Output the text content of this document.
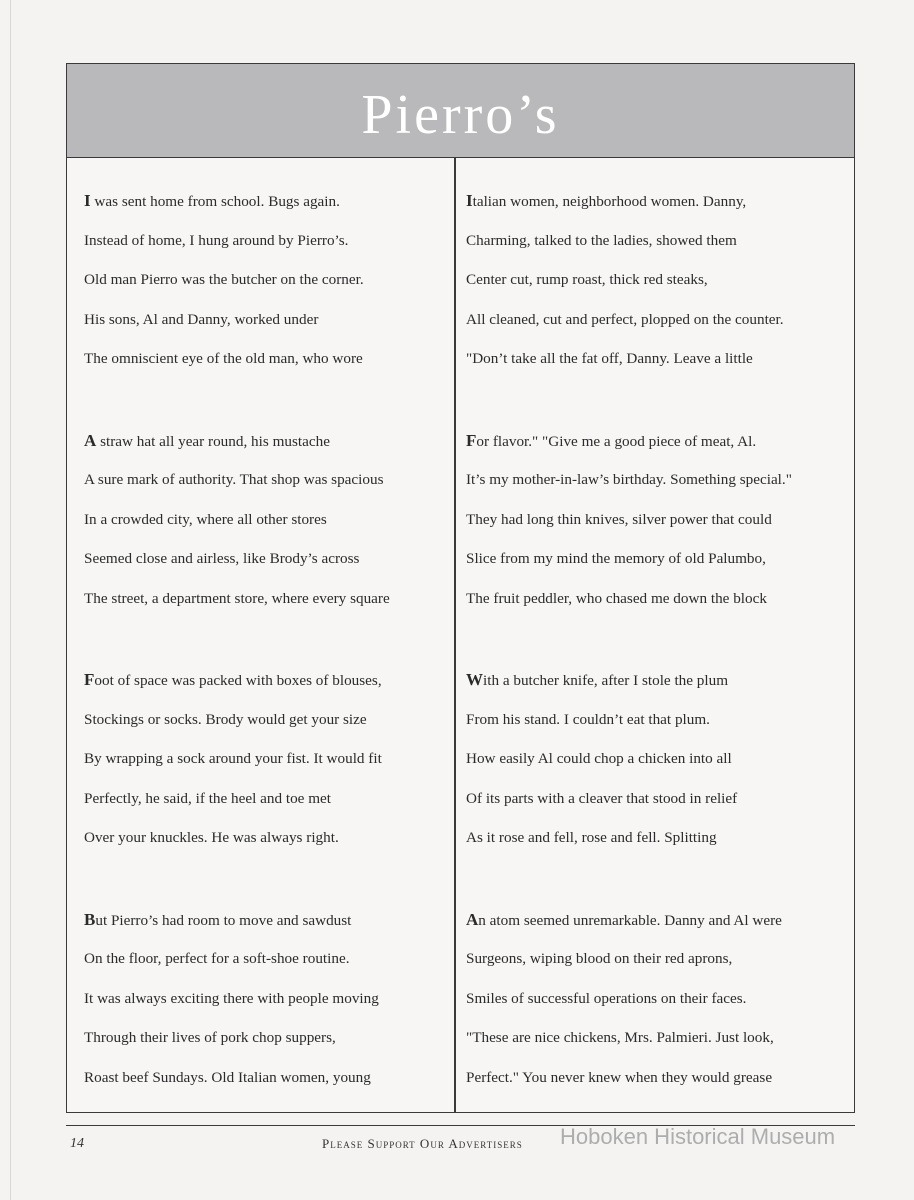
Pierro’s
I was sent home from school. Bugs again.
Instead of home, I hung around by Pierro’s.
Old man Pierro was the butcher on the corner.
His sons, Al and Danny, worked under
The omniscient eye of the old man, who wore
A straw hat all year round, his mustache
A sure mark of authority. That shop was spacious
In a crowded city, where all other stores
Seemed close and airless, like Brody’s across
The street, a department store, where every square
Foot of space was packed with boxes of blouses,
Stockings or socks. Brody would get your size
By wrapping a sock around your fist. It would fit
Perfectly, he said, if the heel and toe met
Over your knuckles. He was always right.
But Pierro’s had room to move and sawdust
On the floor, perfect for a soft-shoe routine.
It was always exciting there with people moving
Through their lives of pork chop suppers,
Roast beef Sundays. Old Italian women, young
Italian women, neighborhood women. Danny,
Charming, talked to the ladies, showed them
Center cut, rump roast, thick red steaks,
All cleaned, cut and perfect, plopped on the counter.
"Don’t take all the fat off, Danny. Leave a little
For flavor." "Give me a good piece of meat, Al.
It’s my mother-in-law’s birthday. Something special."
They had long thin knives, silver power that could
Slice from my mind the memory of old Palumbo,
The fruit peddler, who chased me down the block
With a butcher knife, after I stole the plum
From his stand. I couldn’t eat that plum.
How easily Al could chop a chicken into all
Of its parts with a cleaver that stood in relief
As it rose and fell, rose and fell. Splitting
An atom seemed unremarkable. Danny and Al were
Surgeons, wiping blood on their red aprons,
Smiles of successful operations on their faces.
"These are nice chickens, Mrs. Palmieri. Just look,
Perfect." You never knew when they would grease
14	Please Support Our Advertisers Hoboken Historical Museum
